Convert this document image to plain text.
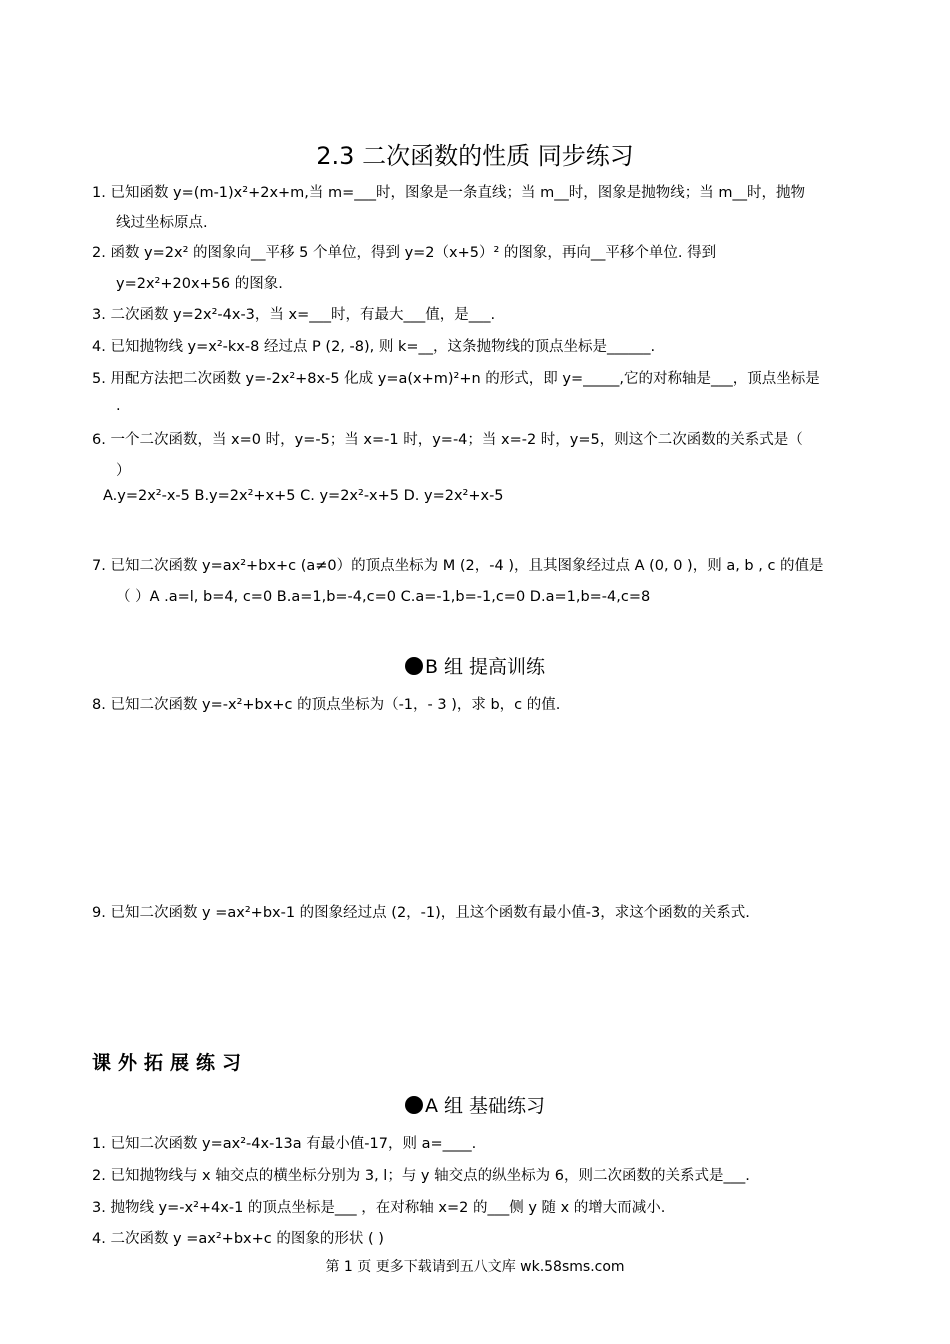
2.3 二次函数的性质 同步练习
1. 已知函数 y=(m-1)x²+2x+m,当 m=___时，图象是一条直线；当 m__时，图象是抛物线；当 m__时，抛物
线过坐标原点.
2. 函数 y=2x² 的图象向__平移 5 个单位，得到 y=2（x+5）² 的图象，再向__平移个单位. 得到
y=2x²+20x+56 的图象.
3. 二次函数 y=2x²-4x-3，当 x=___时，有最大___值，是___.
4. 已知抛物线 y=x²-kx-8 经过点 P (2, -8), 则 k=__，这条抛物线的顶点坐标是______.
5. 用配方法把二次函数 y=-2x²+8x-5 化成 y=a(x+m)²+n 的形式，即 y=_____,它的对称轴是___，顶点坐标是
.
6. 一个二次函数，当 x=0 时，y=-5；当 x=-1 时，y=-4；当 x=-2 时，y=5，则这个二次函数的关系式是（
）
A.y=2x²-x-5 B.y=2x²+x+5 C. y=2x²-x+5 D. y=2x²+x-5
7. 已知二次函数 y=ax²+bx+c (a≠0）的顶点坐标为 M (2，-4 )，且其图象经过点 A (0, 0 )，则 a, b , c 的值是
（ ）A .a=l, b=4, c=0 B.a=1,b=-4,c=0 C.a=-1,b=-1,c=0 D.a=1,b=-4,c=8
B 组 提高训练
8. 已知二次函数 y=-x²+bx+c 的顶点坐标为（-1，- 3 )，求 b，c 的值.
9. 已知二次函数 y =ax²+bx-1 的图象经过点 (2，-1)，且这个函数有最小值-3，求这个函数的关系式.
课外拓展练习
A 组 基础练习
1. 已知二次函数 y=ax²-4x-13a 有最小值-17，则 a=____.
2. 已知抛物线与 x 轴交点的横坐标分别为 3, l；与 y 轴交点的纵坐标为 6，则二次函数的关系式是___.
3. 抛物线 y=-x²+4x-1 的顶点坐标是___ ，在对称轴 x=2 的___侧 y 随 x 的增大而减小.
4. 二次函数 y =ax²+bx+c 的图象的形状 ( )
第 1 页 更多下载请到五八文库 wk.58sms.com
